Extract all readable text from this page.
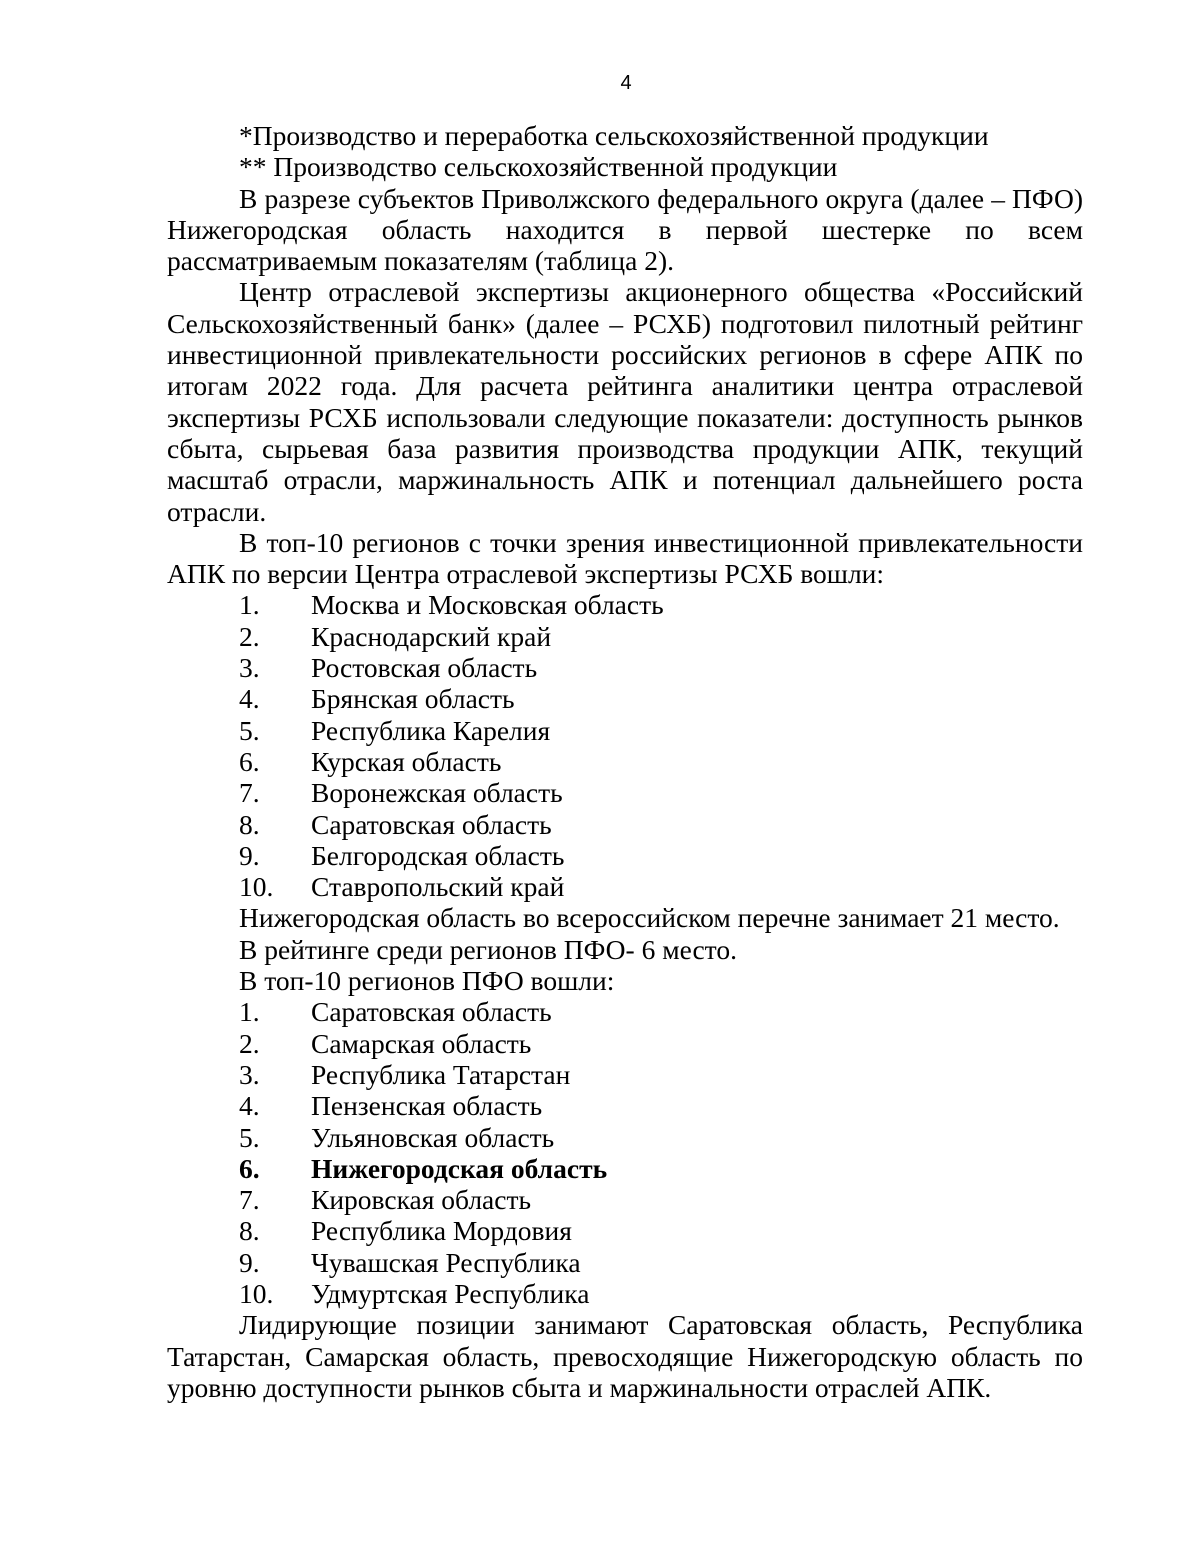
4

*Производство и переработка сельскохозяйственной продукции

** Производство сельскохозяйственной продукции

В разрезе субъектов Приволжского федерального округа (далее – ПФО) Нижегородская область находится в первой шестерке по всем рассматриваемым показателям (таблица 2).

Центр отраслевой экспертизы акционерного общества «Российский Сельскохозяйственный банк» (далее – РСХБ) подготовил пилотный рейтинг инвестиционной привлекательности российских регионов в сфере АПК по итогам 2022 года. Для расчета рейтинга аналитики центра отраслевой экспертизы РСХБ использовали следующие показатели: доступность рынков сбыта, сырьевая база развития производства продукции АПК, текущий масштаб отрасли, маржинальность АПК и потенциал дальнейшего роста отрасли.

В топ-10 регионов с точки зрения инвестиционной привлекательности АПК по версии Центра отраслевой экспертизы РСХБ вошли:

1.	Москва и Московская область
2.	Краснодарский край
3.	Ростовская область
4.	Брянская область
5.	Республика Карелия
6.	Курская область
7.	Воронежская область
8.	Саратовская область
9.	Белгородская область
10.	Ставропольский край

Нижегородская область во всероссийском перечне занимает 21 место.

В рейтинге среди регионов ПФО- 6 место.

В топ-10 регионов ПФО вошли:

1.	Саратовская область
2.	Самарская область
3.	Республика Татарстан
4.	Пензенская область
5.	Ульяновская область
6.	Нижегородская область
7.	Кировская область
8.	Республика Мордовия
9.	Чувашская Республика
10.	Удмуртская Республика

Лидирующие позиции занимают Саратовская область, Республика Татарстан, Самарская область, превосходящие Нижегородскую область по уровню доступности рынков сбыта и маржинальности отраслей АПК.
